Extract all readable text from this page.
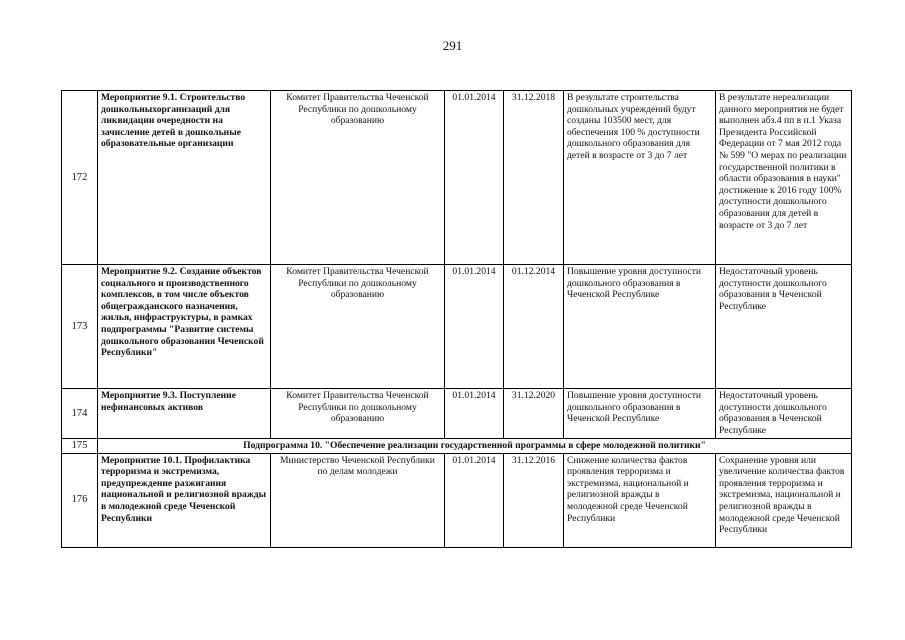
291
172	Мероприятие 9.1. Строительство дошкольныхорганизаций для ликвидации очередности на зачисление детей в дошкольные образовательные организации	Комитет Правительства Чеченской Республики по дошкольному образованию	01.01.2014	31.12.2018	В результате строительства дошкольных учреждений будут созданы 103500 мест, для обеспечения 100 % доступности дошкольного образования для детей в возрасте от 3 до 7 лет	В результате нереализации данного мероприятия не будет выполнен абз.4 пп в п.1 Указа Президента Российской Федерации от 7 мая 2012 года № 599 "О мерах по реализации государственной политики в области образования в науки" достижение к 2016 году 100% доступности дошкольного образования для детей в возрасте от 3 до 7 лет
173	Мероприятие 9.2. Создание объектов социального и производственного комплексов, в том числе объектов общегражданского назначения, жилья, инфраструктуры, в рамках подпрограммы "Развитие системы дошкольного образования Чеченской Республики"	Комитет Правительства Чеченской Республики по дошкольному образованию	01.01.2014	01.12.2014	Повышение уровня доступности дошкольного образования в Чеченской Республике	Недостаточный уровень доступности дошкольного образования в Чеченской Республике
174	Мероприятие 9.3. Поступление нефинансовых активов	Комитет Правительства Чеченской Республики по дошкольному образованию	01.01.2014	31.12.2020	Повышение уровня доступности дошкольного образования в Чеченской Республике	Недостаточный уровень доступности дошкольного образования в Чеченской Республике
175	Подпрограмма 10. "Обеспечение реализации государственной программы в сфере молодежной политики"					
176	Мероприятие 10.1. Профилактика терроризма и экстремизма, предупреждение разжигания национальной и религиозной вражды в молодежной среде Чеченской Республики	Министерство Чеченской Республики по делам молодежи	01.01.2014	31.12.2016	Снижение количества фактов проявления терроризма и экстремизма, национальной и религиозной вражды в молодежной среде Чеченской Республики	Сохранение уровня или увеличение количества фактов проявления терроризма и экстремизма, национальной и религиозной вражды в молодежной среде Чеченской Республики
